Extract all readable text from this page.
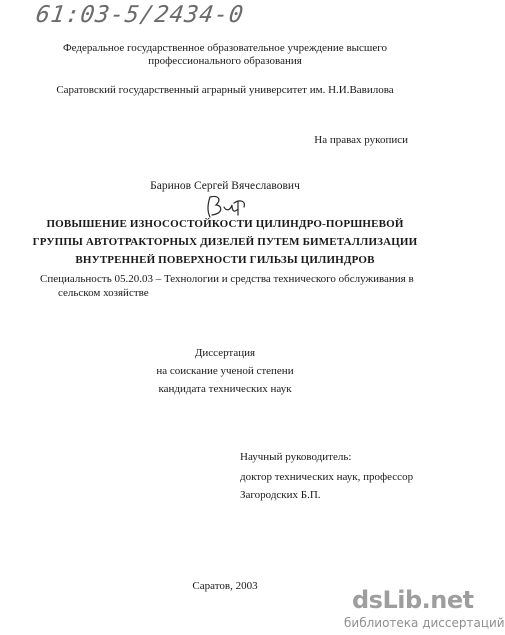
61:03-5/2434-0
Федеральное государственное образовательное учреждение высшего
профессионального образования
Саратовский государственный аграрный университет им. Н.И.Вавилова
На правах рукописи
Баринов Сергей Вячеславович
ПОВЫШЕНИЕ ИЗНОСОСТОЙКОСТИ ЦИЛИНДРО-ПОРШНЕВОЙ
ГРУППЫ АВТОТРАКТОРНЫХ ДИЗЕЛЕЙ ПУТЕМ БИМЕТАЛЛИЗАЦИИ
ВНУТРЕННЕЙ ПОВЕРХНОСТИ ГИЛЬЗЫ ЦИЛИНДРОВ
Специальность 05.20.03 – Технологии и средства технического обслуживания в
сельском хозяйстве
Диссертация
на соискание ученой степени
кандидата технических наук
Научный руководитель:
доктор технических наук, профессор
Загородских Б.П.
Саратов, 2003	dsLib.net
библиотека диссертаций
